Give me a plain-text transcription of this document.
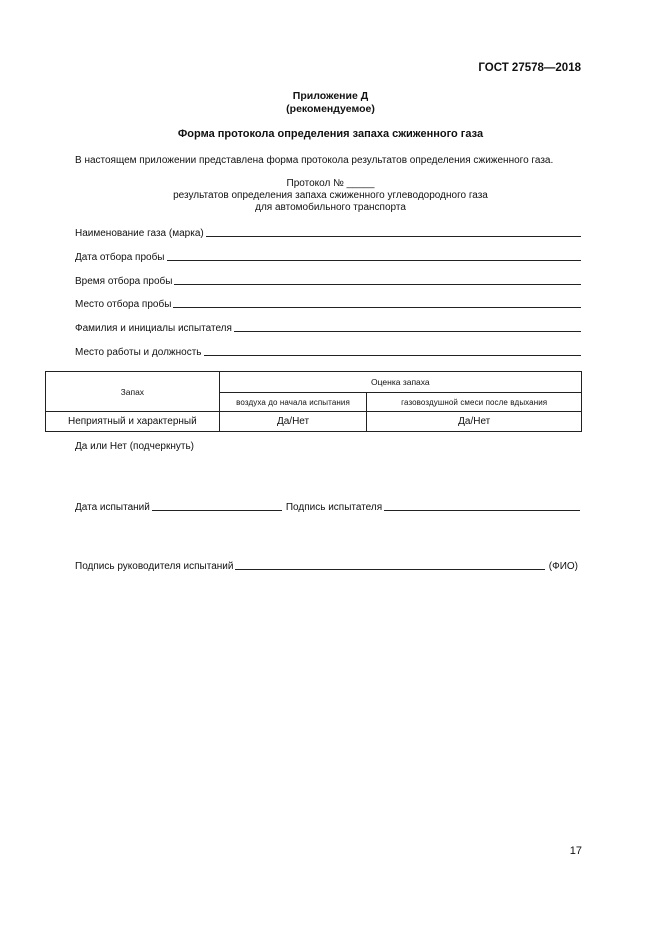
ГОСТ 27578—2018
Приложение Д
(рекомендуемое)
Форма протокола определения запаха сжиженного газа
В настоящем приложении представлена форма протокола результатов определения сжиженного газа.
Протокол № _____
результатов определения запаха сжиженного углеводородного газа
для автомобильного транспорта
Наименование газа (марка)
Дата отбора пробы
Время отбора пробы
Место отбора пробы
Фамилия и инициалы испытателя
Место работы и должность
Запах	Оценка запаха	
	воздуха до начала испытания	газовоздушной смеси после вдыхания
Неприятный и характерный	Да/Нет	Да/Нет
Да или Нет (подчеркнуть)
Дата испытаний	Подпись испытателя
Подпись руководителя испытаний	(ФИО)
17
